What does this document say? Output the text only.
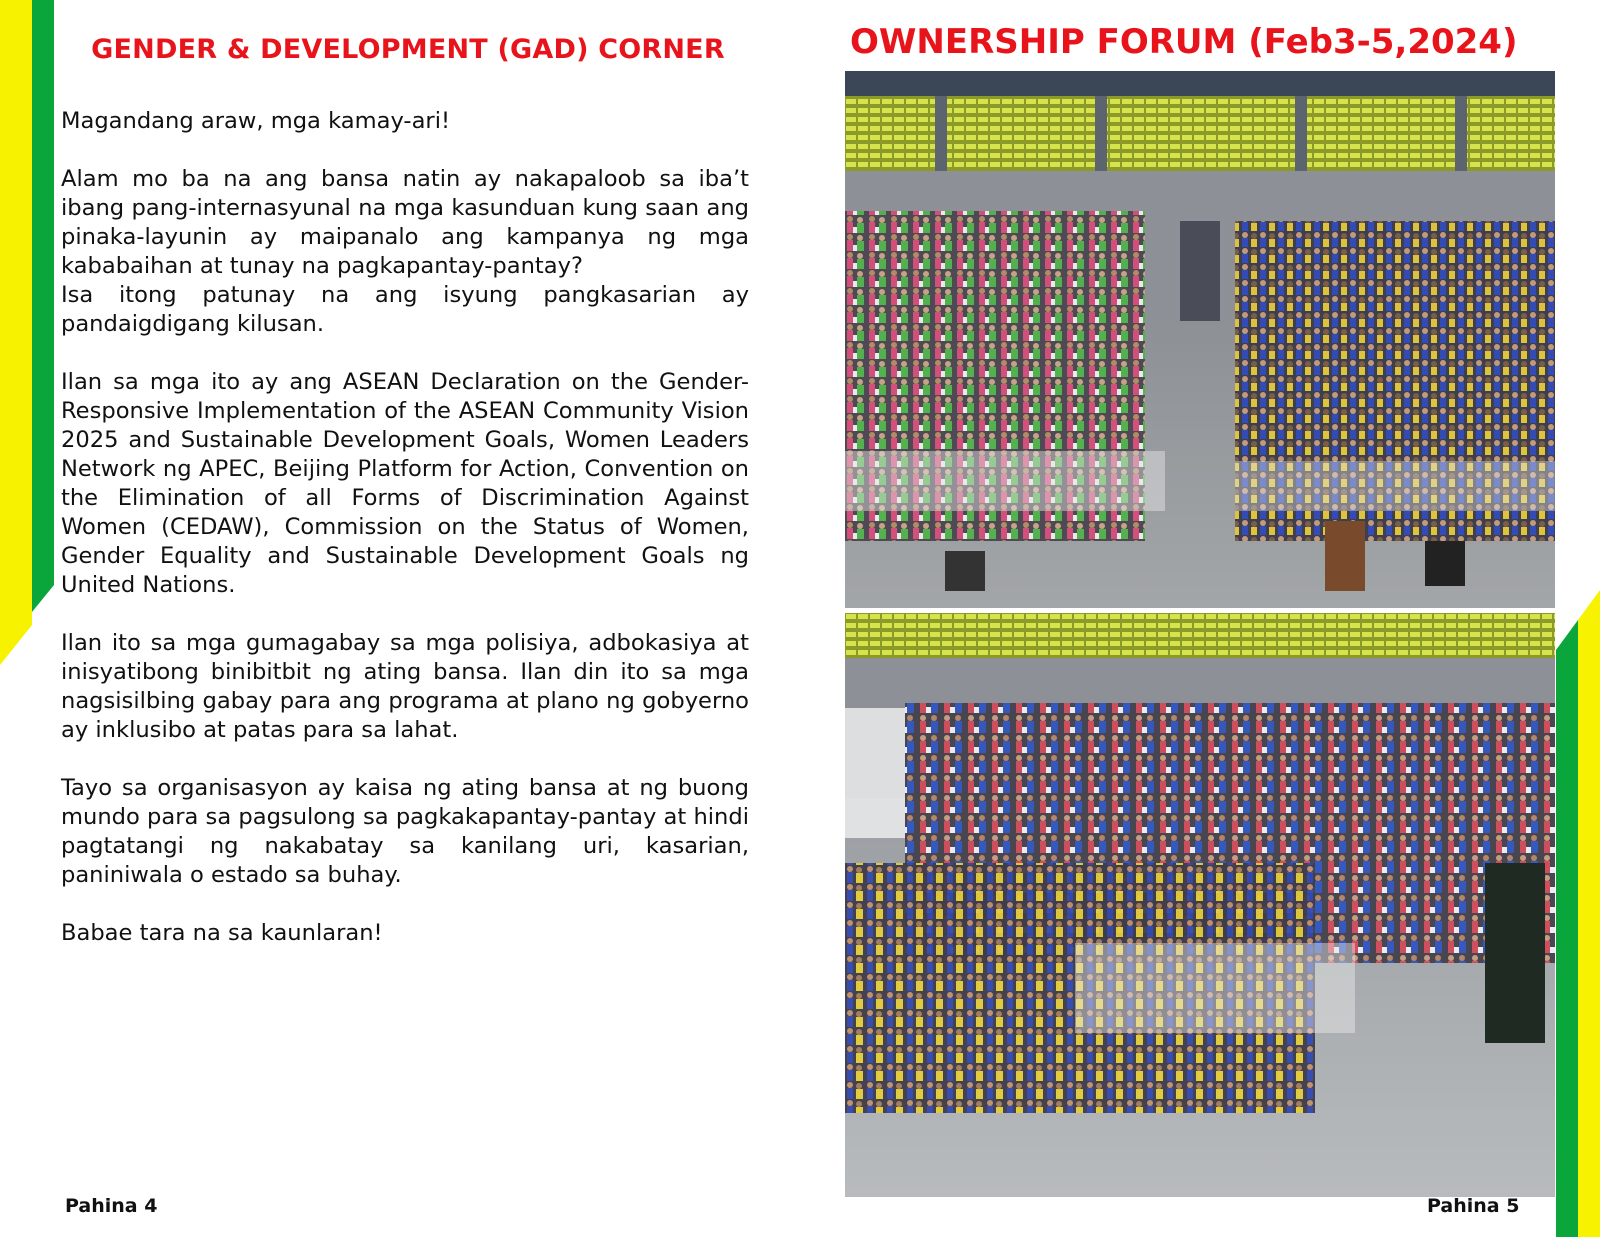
GENDER & DEVELOPMENT (GAD) CORNER	OWNERSHIP FORUM (Feb3-5,2024)

Magandang araw, mga kamay-ari!

Alam mo ba na ang bansa natin ay nakapaloob sa iba’t ibang pang-internasyunal na mga kasunduan kung saan ang pinaka-layunin ay maipanalo ang kampanya ng mga kababaihan at tunay na pagkapantay-pantay?

Isa itong patunay na ang isyung pangkasarian ay pandaigdigang kilusan.

Ilan sa mga ito ay ang ASEAN Declaration on the Gender-Responsive Implementation of the ASEAN Community Vision 2025 and Sustainable Development Goals, Women Leaders Network ng APEC, Beijing Platform for Action, Convention on the Elimination of all Forms of Discrimination Against Women (CEDAW), Commission on the Status of Women, Gender Equality and Sustainable Development Goals ng United Nations.

Ilan ito sa mga gumagabay sa mga polisiya, adbokasiya at inisyatibong binibitbit ng ating bansa. Ilan din ito sa mga nagsisilbing gabay para ang programa at plano ng gobyerno ay inklusibo at patas para sa lahat.

Tayo sa organisasyon ay kaisa ng ating bansa at ng buong mundo para sa pagsulong sa pagkakapantay-pantay at hindi pagtatangi ng nakabatay sa kanilang uri, kasarian, paniniwala o estado sa buhay.

Babae tara na sa kaunlaran!

Pahina 4	Pahina 5
